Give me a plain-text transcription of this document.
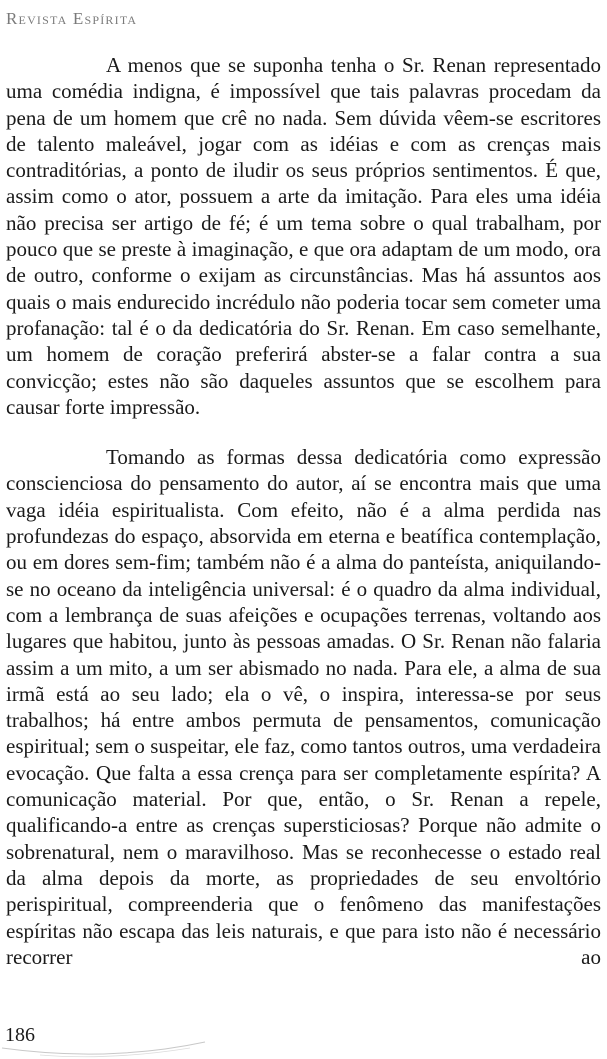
Revista Espírita

A menos que se suponha tenha o Sr. Renan representado uma comédia indigna, é impossível que tais palavras procedam da pena de um homem que crê no nada. Sem dúvida vêem-se escritores de talento maleável, jogar com as idéias e com as crenças mais contraditórias, a ponto de iludir os seus próprios sentimentos. É que, assim como o ator, possuem a arte da imitação. Para eles uma idéia não precisa ser artigo de fé; é um tema sobre o qual trabalham, por pouco que se preste à imaginação, e que ora adaptam de um modo, ora de outro, conforme o exijam as circunstâncias. Mas há assuntos aos quais o mais endurecido incrédulo não poderia tocar sem cometer uma profanação: tal é o da dedicatória do Sr. Renan. Em caso semelhante, um homem de coração preferirá abster-se a falar contra a sua convicção; estes não são daqueles assuntos que se escolhem para causar forte impressão.

Tomando as formas dessa dedicatória como expressão conscienciosa do pensamento do autor, aí se encontra mais que uma vaga idéia espiritualista. Com efeito, não é a alma perdida nas profundezas do espaço, absorvida em eterna e beatífica contemplação, ou em dores sem-fim; também não é a alma do panteísta, aniquilando-se no oceano da inteligência universal: é o quadro da alma individual, com a lembrança de suas afeições e ocupações terrenas, voltando aos lugares que habitou, junto às pessoas amadas. O Sr. Renan não falaria assim a um mito, a um ser abismado no nada. Para ele, a alma de sua irmã está ao seu lado; ela o vê, o inspira, interessa-se por seus trabalhos; há entre ambos permuta de pensamentos, comunicação espiritual; sem o suspeitar, ele faz, como tantos outros, uma verdadeira evocação. Que falta a essa crença para ser completamente espírita? A comunicação material. Por que, então, o Sr. Renan a repele, qualificando-a entre as crenças supersticiosas? Porque não admite o sobrenatural, nem o maravilhoso. Mas se reconhecesse o estado real da alma depois da morte, as propriedades de seu envoltório perispiritual, compreenderia que o fenômeno das manifestações espíritas não escapa das leis naturais, e que para isto não é necessário recorrer ao

186
